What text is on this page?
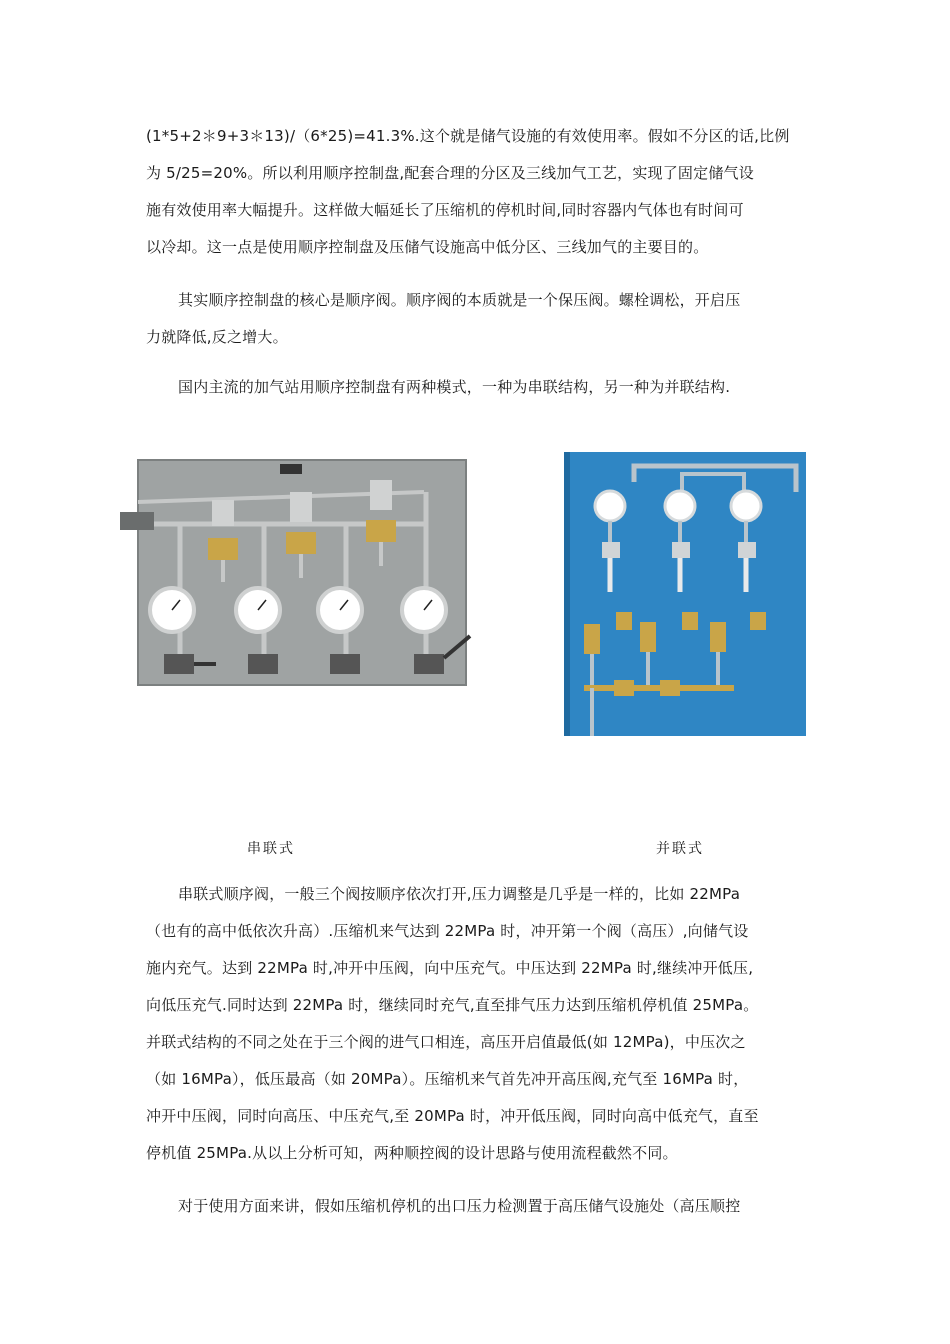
(1*5+2＊9+3＊13)/（6*25)=41.3%.这个就是储气设施的有效使用率。假如不分区的话,比例
为 5/25=20%。所以利用顺序控制盘,配套合理的分区及三线加气工艺，实现了固定储气设
施有效使用率大幅提升。这样做大幅延长了压缩机的停机时间,同时容器内气体也有时间可
以冷却。这一点是使用顺序控制盘及压储气设施高中低分区、三线加气的主要目的。

其实顺序控制盘的核心是顺序阀。顺序阀的本质就是一个保压阀。螺栓调松，开启压
力就降低,反之增大。

国内主流的加气站用顺序控制盘有两种模式，一种为串联结构，另一种为并联结构.

串联式	并联式

串联式顺序阀，一般三个阀按顺序依次打开,压力调整是几乎是一样的，比如 22MPa
（也有的高中低依次升高）.压缩机来气达到 22MPa 时，冲开第一个阀（高压）,向储气设
施内充气。达到 22MPa 时,冲开中压阀，向中压充气。中压达到 22MPa 时,继续冲开低压,
向低压充气.同时达到 22MPa 时，继续同时充气,直至排气压力达到压缩机停机值 25MPa。
并联式结构的不同之处在于三个阀的进气口相连，高压开启值最低(如 12MPa)，中压次之
（如 16MPa），低压最高（如 20MPa）。压缩机来气首先冲开高压阀,充气至 16MPa 时，
冲开中压阀，同时向高压、中压充气,至 20MPa 时，冲开低压阀，同时向高中低充气，直至
停机值 25MPa.从以上分析可知，两种顺控阀的设计思路与使用流程截然不同。

对于使用方面来讲，假如压缩机停机的出口压力检测置于高压储气设施处（高压顺控
